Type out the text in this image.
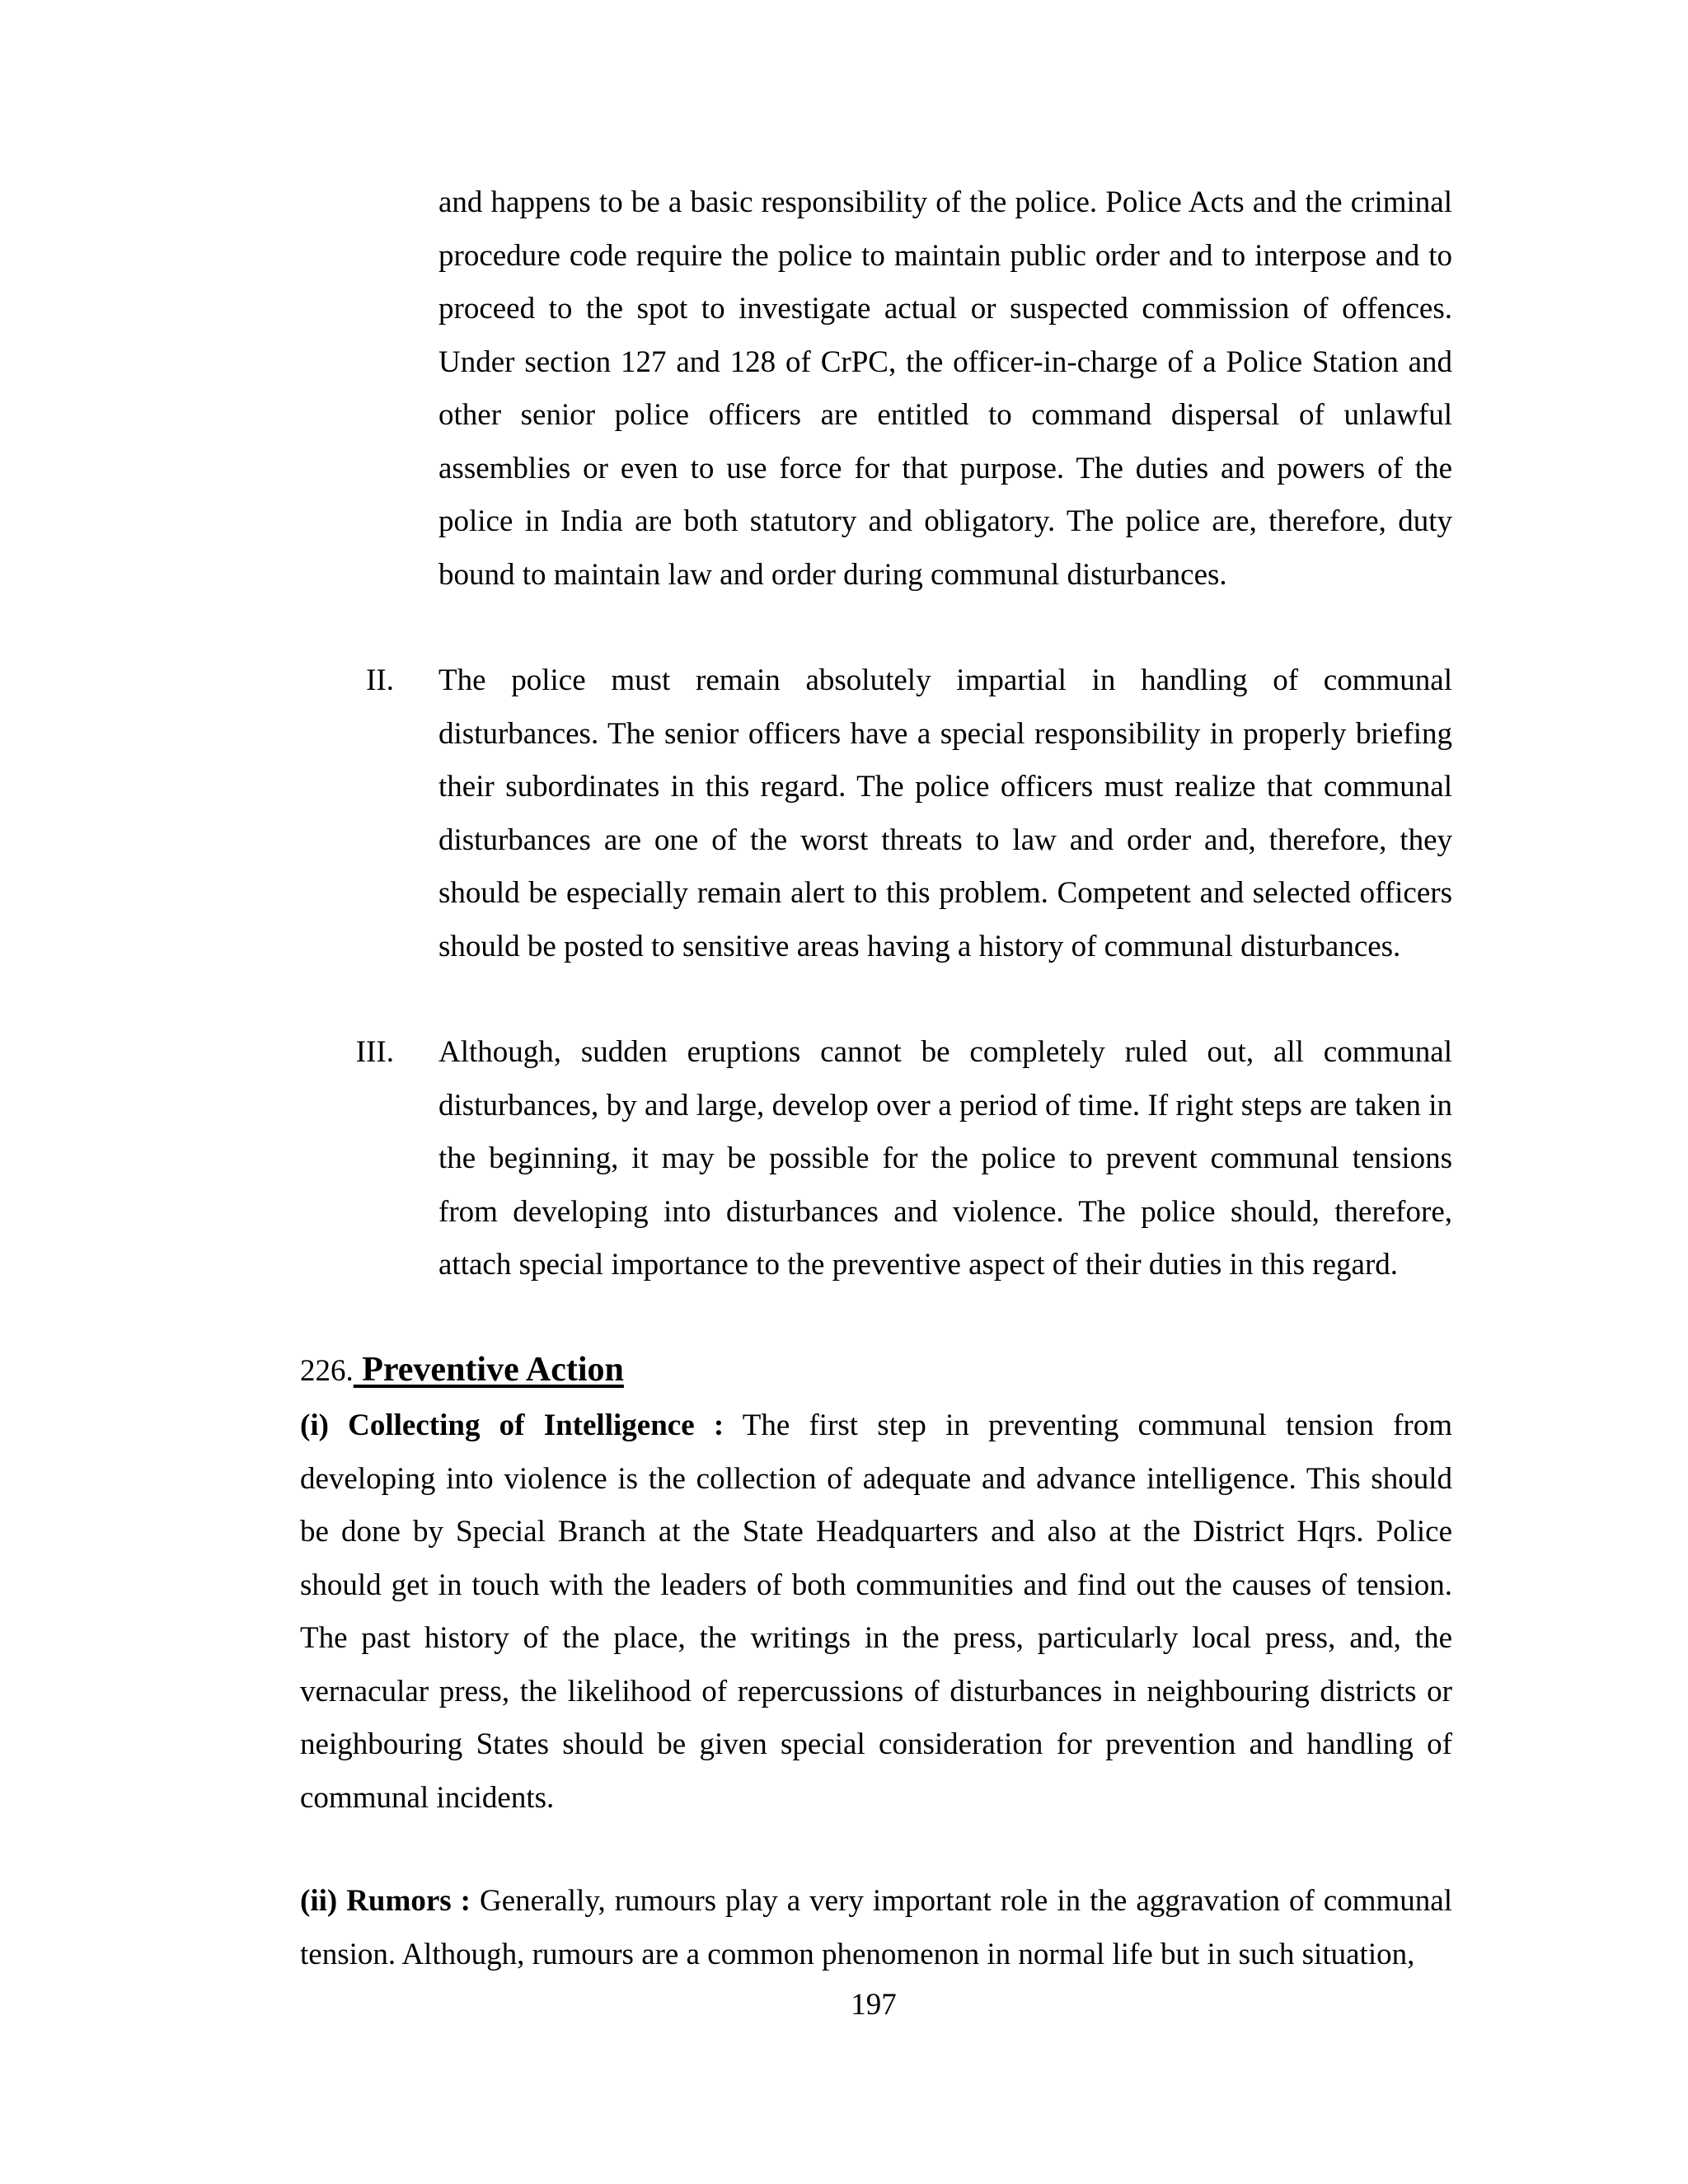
and happens to be a basic responsibility of the police. Police Acts and the criminal procedure code require the police to maintain public order and to interpose and to proceed to the spot to investigate actual or suspected commission of offences. Under section 127 and 128 of CrPC, the officer-in-charge of a Police Station and other senior police officers are entitled to command dispersal of unlawful assemblies or even to use force for that purpose. The duties and powers of the police in India are both statutory and obligatory. The police are, therefore, duty bound to maintain law and order during communal disturbances.

II. The police must remain absolutely impartial in handling of communal disturbances. The senior officers have a special responsibility in properly briefing their subordinates in this regard. The police officers must realize that communal disturbances are one of the worst threats to law and order and, therefore, they should be especially remain alert to this problem. Competent and selected officers should be posted to sensitive areas having a history of communal disturbances.

III. Although, sudden eruptions cannot be completely ruled out, all communal disturbances, by and large, develop over a period of time. If right steps are taken in the beginning, it may be possible for the police to prevent communal tensions from developing into disturbances and violence. The police should, therefore, attach special importance to the preventive aspect of their duties in this regard.

226. Preventive Action

(i) Collecting of Intelligence : The first step in preventing communal tension from developing into violence is the collection of adequate and advance intelligence. This should be done by Special Branch at the State Headquarters and also at the District Hqrs. Police should get in touch with the leaders of both communities and find out the causes of tension. The past history of the place, the writings in the press, particularly local press, and, the vernacular press, the likelihood of repercussions of disturbances in neighbouring districts or neighbouring States should be given special consideration for prevention and handling of communal incidents.

(ii) Rumors : Generally, rumours play a very important role in the aggravation of communal tension. Although, rumours are a common phenomenon in normal life but in such situation,

197
